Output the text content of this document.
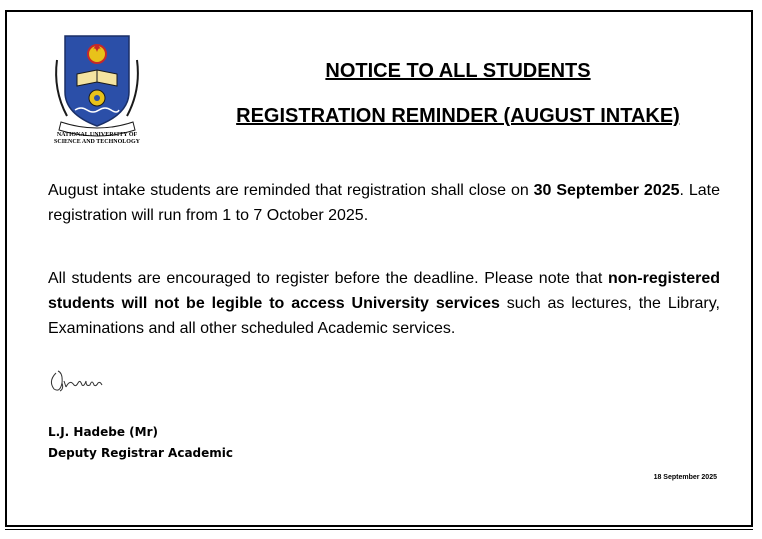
NATIONAL UNIVERSITY OF
SCIENCE AND TECHNOLOGY
NOTICE TO ALL STUDENTS
REGISTRATION REMINDER (AUGUST INTAKE)
August intake students are reminded that registration shall close on 30 September 2025. Late registration will run from 1 to 7 October 2025.
All students are encouraged to register before the deadline. Please note that non-registered students will not be legible to access University services such as lectures, the Library, Examinations and all other scheduled Academic services.
L.J. Hadebe (Mr)
Deputy Registrar Academic
18 September 2025
